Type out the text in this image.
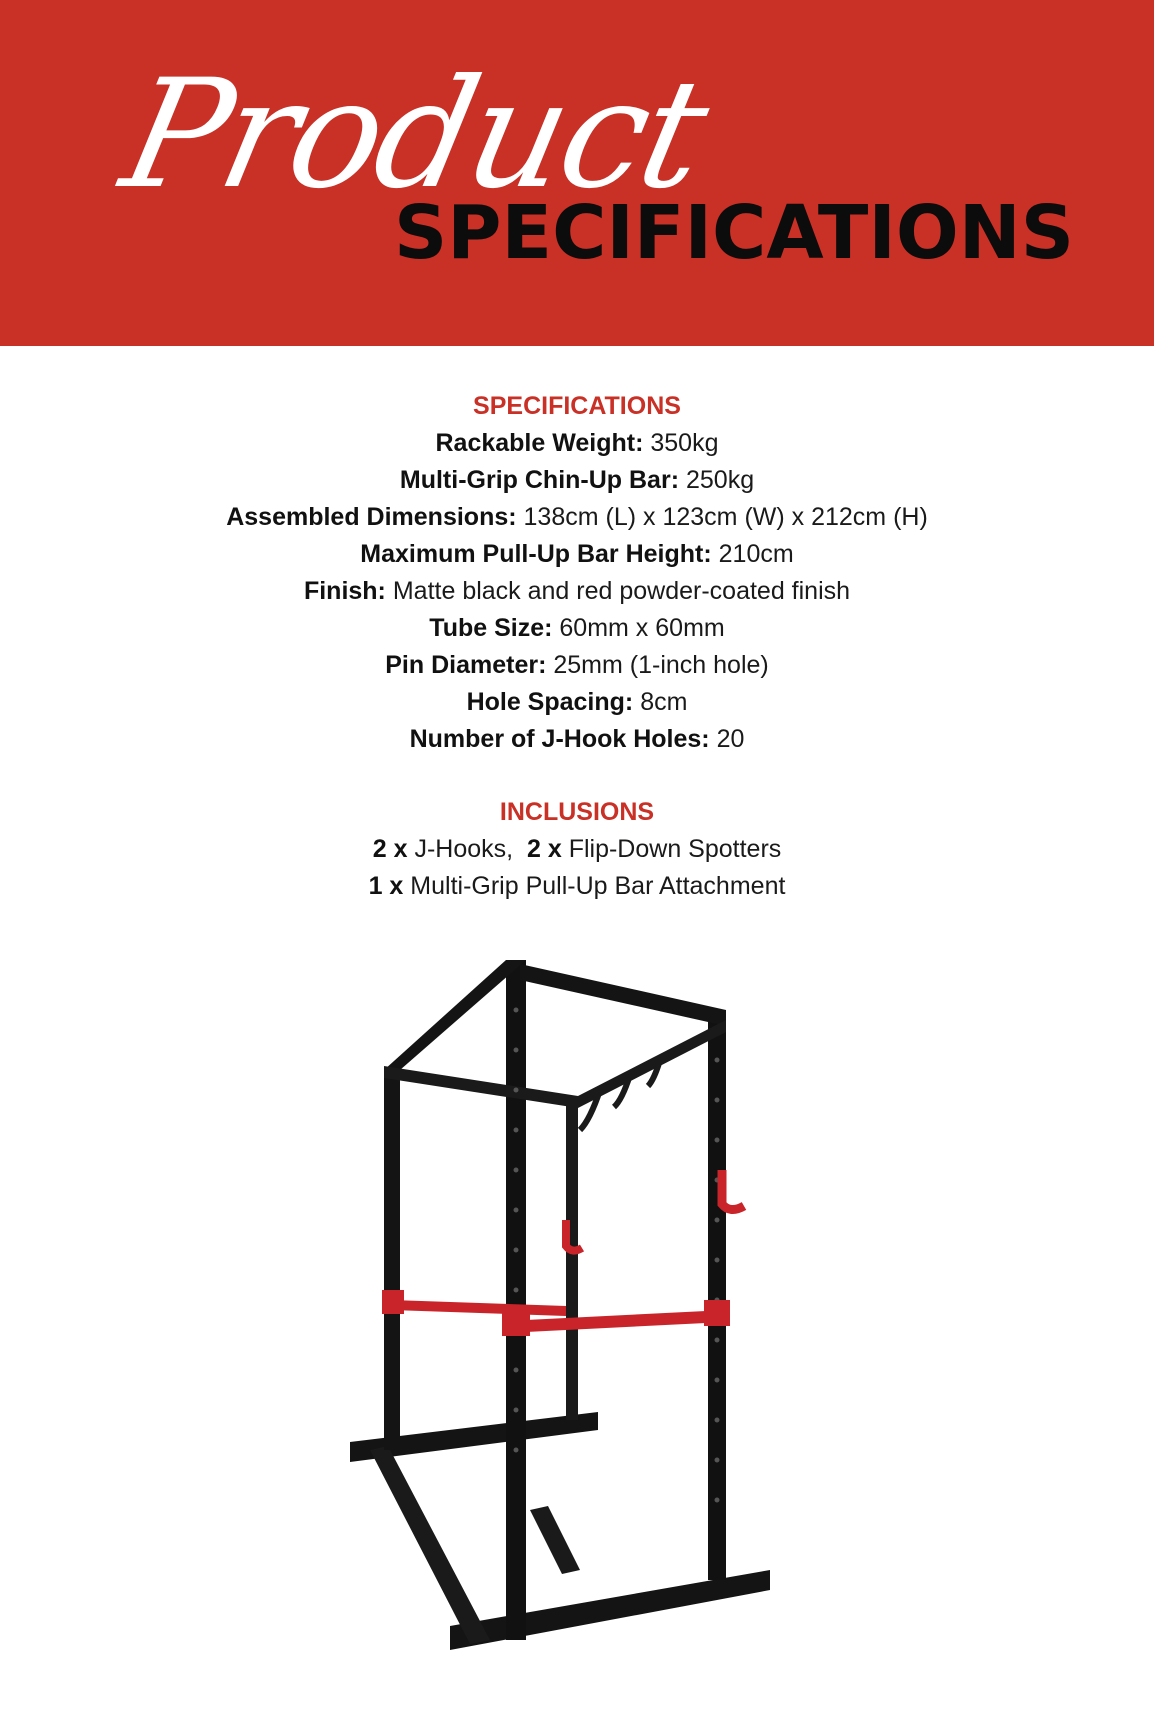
Product
SPECIFICATIONS
SPECIFICATIONS
Rackable Weight: 350kg
Multi-Grip Chin-Up Bar: 250kg
Assembled Dimensions: 138cm (L) x 123cm (W) x 212cm (H)
Maximum Pull-Up Bar Height: 210cm
Finish: Matte black and red powder-coated finish
Tube Size: 60mm x 60mm
Pin Diameter: 25mm (1-inch hole)
Hole Spacing: 8cm
Number of J-Hook Holes: 20
INCLUSIONS
2 x J-Hooks, 2 x Flip-Down Spotters
1 x Multi-Grip Pull-Up Bar Attachment
